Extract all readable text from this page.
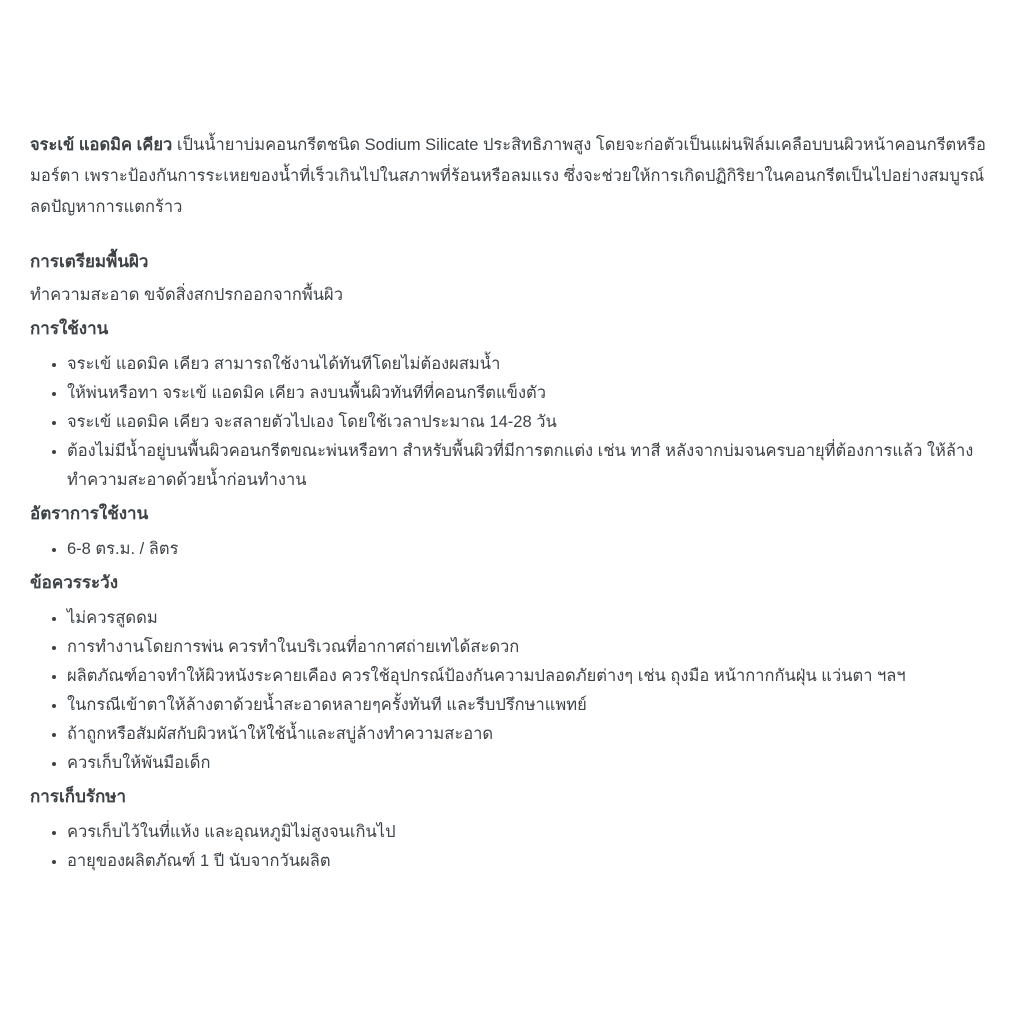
จระเข้ แอดมิค เคียว เป็นน้ำยาบ่มคอนกรีตชนิด Sodium Silicate ประสิทธิภาพสูง โดยจะก่อตัวเป็นแผ่นฟิล์มเคลือบบนผิวหน้าคอนกรีตหรือมอร์ตา เพราะป้องกันการระเหยของน้ำที่เร็วเกินไปในสภาพที่ร้อนหรือลมแรง ซึ่งจะช่วยให้การเกิดปฏิกิริยาในคอนกรีตเป็นไปอย่างสมบูรณ์ ลดปัญหาการแตกร้าว

การเตรียมพื้นผิว

ทำความสะอาด ขจัดสิ่งสกปรกออกจากพื้นผิว

การใช้งาน
• จระเข้ แอดมิค เคียว สามารถใช้งานได้ทันทีโดยไม่ต้องผสมน้ำ
• ให้พ่นหรือทา จระเข้ แอดมิค เคียว ลงบนพื้นผิวทันทีที่คอนกรีตแข็งตัว
• จระเข้ แอดมิค เคียว จะสลายตัวไปเอง โดยใช้เวลาประมาณ 14-28 วัน
• ต้องไม่มีน้ำอยู่บนพื้นผิวคอนกรีตขณะพ่นหรือทา สำหรับพื้นผิวที่มีการตกแต่ง เช่น ทาสี หลังจากบ่มจนครบอายุที่ต้องการแล้ว ให้ล้างทำความสะอาดด้วยน้ำก่อนทำงาน
อัตราการใช้งาน
• 6-8 ตร.ม. / ลิตร
ข้อควรระวัง
• ไม่ควรสูดดม
• การทำงานโดยการพ่น ควรทำในบริเวณที่อากาศถ่ายเทได้สะดวก
• ผลิตภัณฑ์อาจทำให้ผิวหนังระคายเคือง ควรใช้อุปกรณ์ป้องกันความปลอดภัยต่างๆ เช่น ถุงมือ หน้ากากกันฝุ่น แว่นตา ฯลฯ
• ในกรณีเข้าตาให้ล้างตาด้วยน้ำสะอาดหลายๆครั้งทันที และรีบปรึกษาแพทย์
• ถ้าถูกหรือสัมผัสกับผิวหน้าให้ใช้น้ำและสบู่ล้างทำความสะอาด
• ควรเก็บให้พันมือเด็ก
การเก็บรักษา
• ควรเก็บไว้ในที่แห้ง และอุณหภูมิไม่สูงจนเกินไป
• อายุของผลิตภัณฑ์ 1 ปี นับจากวันผลิต
